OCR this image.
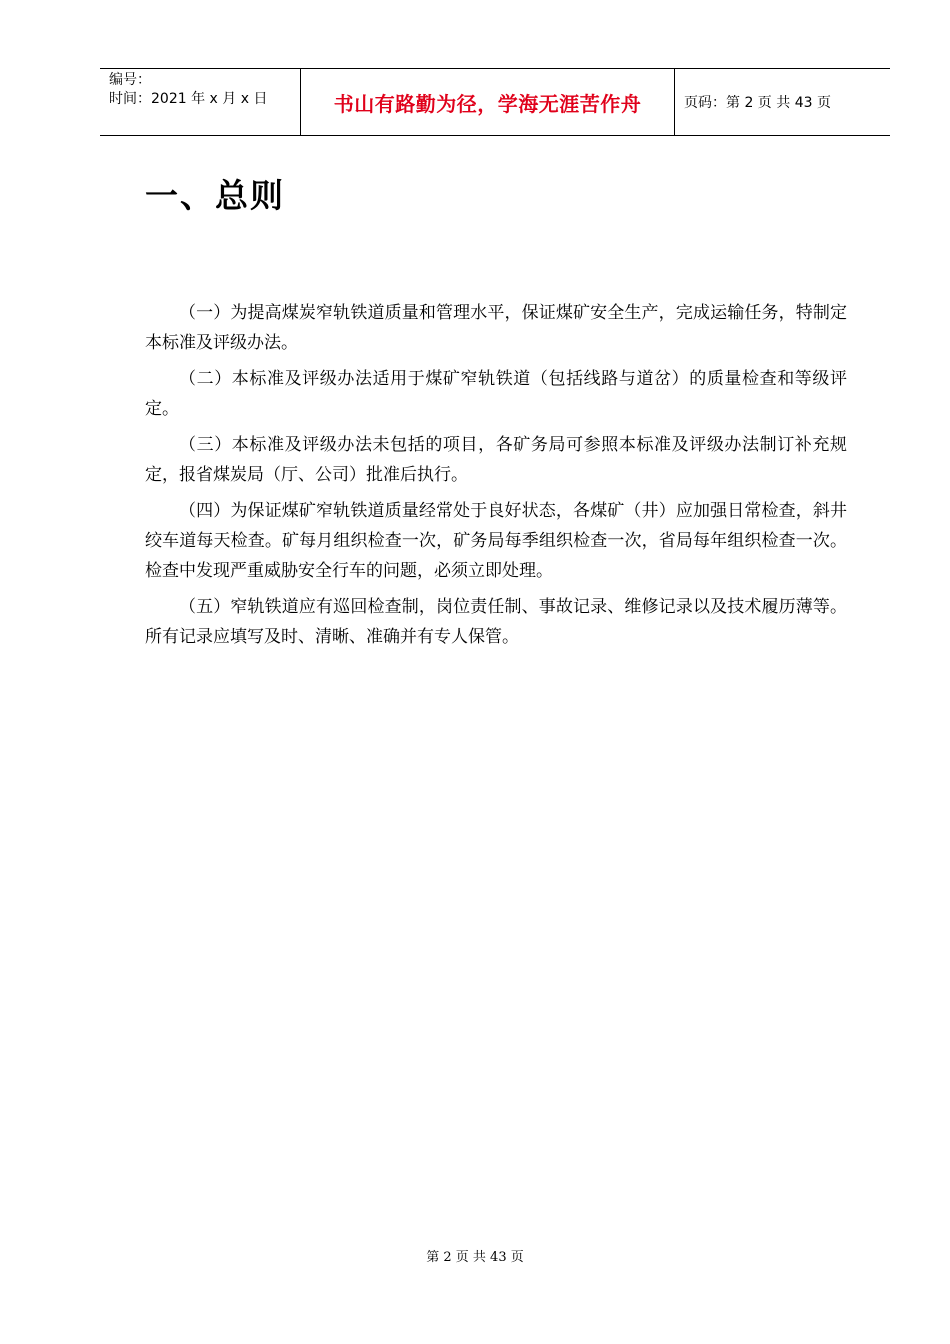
编号：
时间：2021 年 x 月 x 日	书山有路勤为径，学海无涯苦作舟	页码：第 2 页 共 43 页
一、总则

（一）为提高煤炭窄轨铁道质量和管理水平，保证煤矿安全生产，完成运输任务，特制定本标准及评级办法。

（二）本标准及评级办法适用于煤矿窄轨铁道（包括线路与道岔）的质量检查和等级评定。

（三）本标准及评级办法未包括的项目，各矿务局可参照本标准及评级办法制订补充规定，报省煤炭局（厅、公司）批准后执行。

（四）为保证煤矿窄轨铁道质量经常处于良好状态，各煤矿（井）应加强日常检查，斜井绞车道每天检查。矿每月组织检查一次，矿务局每季组织检查一次，省局每年组织检查一次。检查中发现严重威胁安全行车的问题，必须立即处理。

（五）窄轨铁道应有巡回检查制，岗位责任制、事故记录、维修记录以及技术履历薄等。所有记录应填写及时、清晰、准确并有专人保管。

第 2 页 共 43 页
